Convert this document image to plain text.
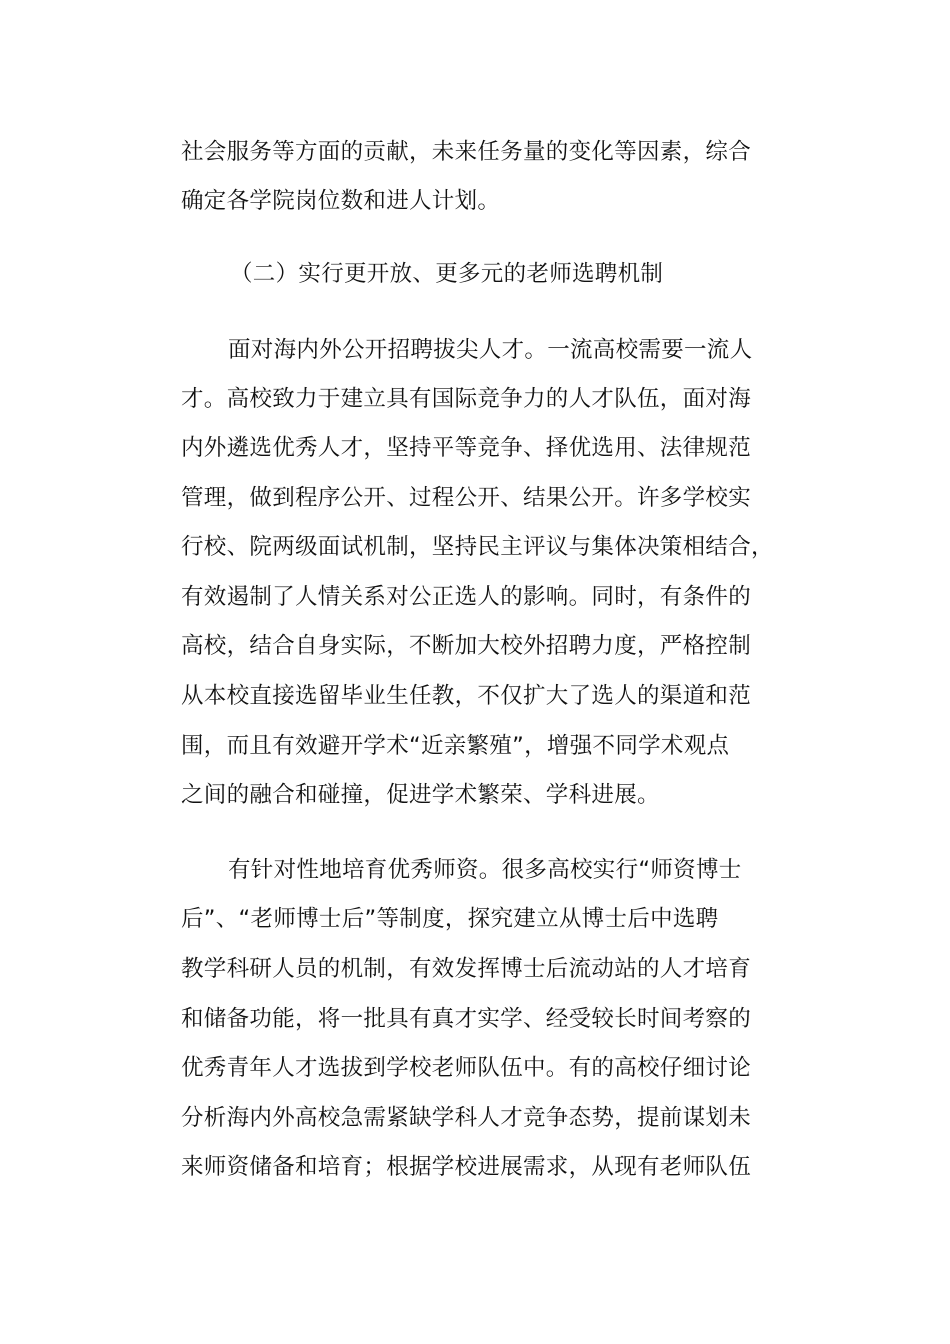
社会服务等方面的贡献，未来任务量的变化等因素，综合
确定各学院岗位数和进人计划。
（二）实行更开放、更多元的老师选聘机制
面对海内外公开招聘拔尖人才。一流高校需要一流人
才。高校致力于建立具有国际竞争力的人才队伍，面对海
内外遴选优秀人才，坚持平等竞争、择优选用、法律规范
管理，做到程序公开、过程公开、结果公开。许多学校实
行校、院两级面试机制，坚持民主评议与集体决策相结合，
有效遏制了人情关系对公正选人的影响。同时，有条件的
高校，结合自身实际，不断加大校外招聘力度，严格控制
从本校直接选留毕业生任教，不仅扩大了选人的渠道和范
围，而且有效避开学术“近亲繁殖”，增强不同学术观点
之间的融合和碰撞，促进学术繁荣、学科进展。
有针对性地培育优秀师资。很多高校实行“师资博士
后”、“老师博士后”等制度，探究建立从博士后中选聘
教学科研人员的机制，有效发挥博士后流动站的人才培育
和储备功能，将一批具有真才实学、经受较长时间考察的
优秀青年人才选拔到学校老师队伍中。有的高校仔细讨论
分析海内外高校急需紧缺学科人才竞争态势，提前谋划未
来师资储备和培育；根据学校进展需求，从现有老师队伍
